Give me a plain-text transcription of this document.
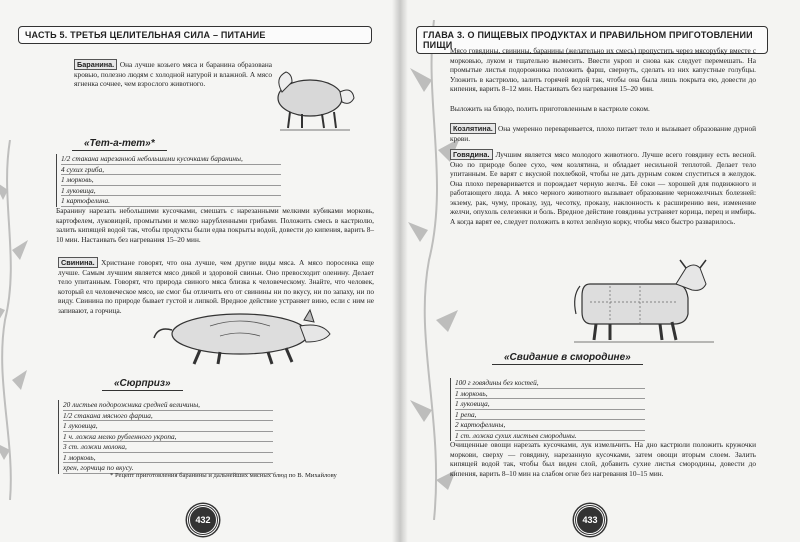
ЧАСТЬ 5. ТРЕТЬЯ ЦЕЛИТЕЛЬНАЯ СИЛА – ПИТАНИЕ
Баранина. Она лучше козьего мяса и баранина образована кровью, полезно людям с холодной натурой и влажной. А мясо ягненка сочнее, чем взрослого животного.
«Тет-а-тет»*
1/2 стакана нарезанной небольшими кусочками баранины,
4 сухих гриба,
1 морковь,
1 луковица,
1 картофелина.
Баранину нарезать небольшими кусочками, смешать с нарезанными мелкими кубиками морковь, картофелем, луковицей, промытыми и мелко нарубленными грибами. Положить смесь в кастрюлю, залить кипящей водой так, чтобы продукты были едва покрыты водой, довести до кипения, варить 8–10 мин. Настаивать без нагревания 15–20 мин.
Свинина. Христиане говорят, что она лучше, чем другие виды мяса. А мясо поросенка еще лучше. Самым лучшим является мясо дикой и здоровой свиньи. Оно превосходит оленину. Делает тело упитанным. Говорят, что природа свиного мяса близка к человеческому. Знайте, что человек, который ел человеческое мясо, не смог бы отличить его от свинины ни по вкусу, ни по запаху, ни по виду. Свинина по природе бывает густой и липкой. Вредное действие устраняет вино, если с ним не запивают, а горчица.
«Сюрприз»
20 листьев подорожника средней величины,
1/2 стакана мясного фарша,
1 луковица,
1 ч. ложка мелко рубленного укропа,
3 ст. ложки молока,
1 морковь,
хрен, горчица по вкусу.
* Рецепт приготовления баранины и дальнейших мясных блюд по В. Михайлову
432
ГЛАВА 3. О ПИЩЕВЫХ ПРОДУКТАХ И ПРАВИЛЬНОМ ПРИГОТОВЛЕНИИ ПИЩИ
Мясо говядины, свинины, баранины (желательно их смесь) пропустить через мясорубку вместе с морковью, луком и тщательно вымесить. Ввести укроп и снова как следует перемешать. На промытые листья подорожника положить фарш, свернуть, сделать из них капустные голубцы. Уложить в кастрюлю, залить горячей водой так, чтобы она была лишь покрыта ею, довести до кипения, варить 8–12 мин. Настаивать без нагревания 15–20 мин.
Выложить на блюдо, полить приготовленным в кастрюле соком.
Козлятина. Она умеренно переваривается, плохо питает тело и вызывает образование дурной крови.
Говядина. Лучшим является мясо молодого животного. Лучше всего говядину есть весной. Оно по природе более сухо, чем козлятина, и обладает несильной теплотой. Делает тело упитанным. Ее варят с вкусной похлебкой, чтобы не дать дурным соком спуститься в желудок. Она плохо переваривается и порождает черную желчь. Её соки — хорошей для подвижного и работающего люда. А мясо черного животного вызывает образование черножелчных болезней: экзему, рак, чуму, проказу, зуд, чесотку, проказу, наклонность к расширению вен, изменение желчи, опухоль селезенки и боль. Вредное действие говядины устраняет корица, перец и имбирь. А когда варят ее, следует положить в котел зелёную корку, чтобы мясо быстро разварилось.
«Свидание в смородине»
100 г говядины без костей,
1 морковь,
1 луковица,
1 репа,
2 картофелины,
1 ст. ложка сухих листьев смородины.
Очищенные овощи нарезать кусочками, лук измельчить. На дно кастрюли положить кружочки моркови, сверху — говядину, нарезанную кусочками, затем овощи вторым слоем. Залить кипящей водой так, чтобы был виден слой, добавить сухие листья смородины, довести до кипения, варить 8–10 мин на слабом огне без нагревания 10–15 мин.
433
